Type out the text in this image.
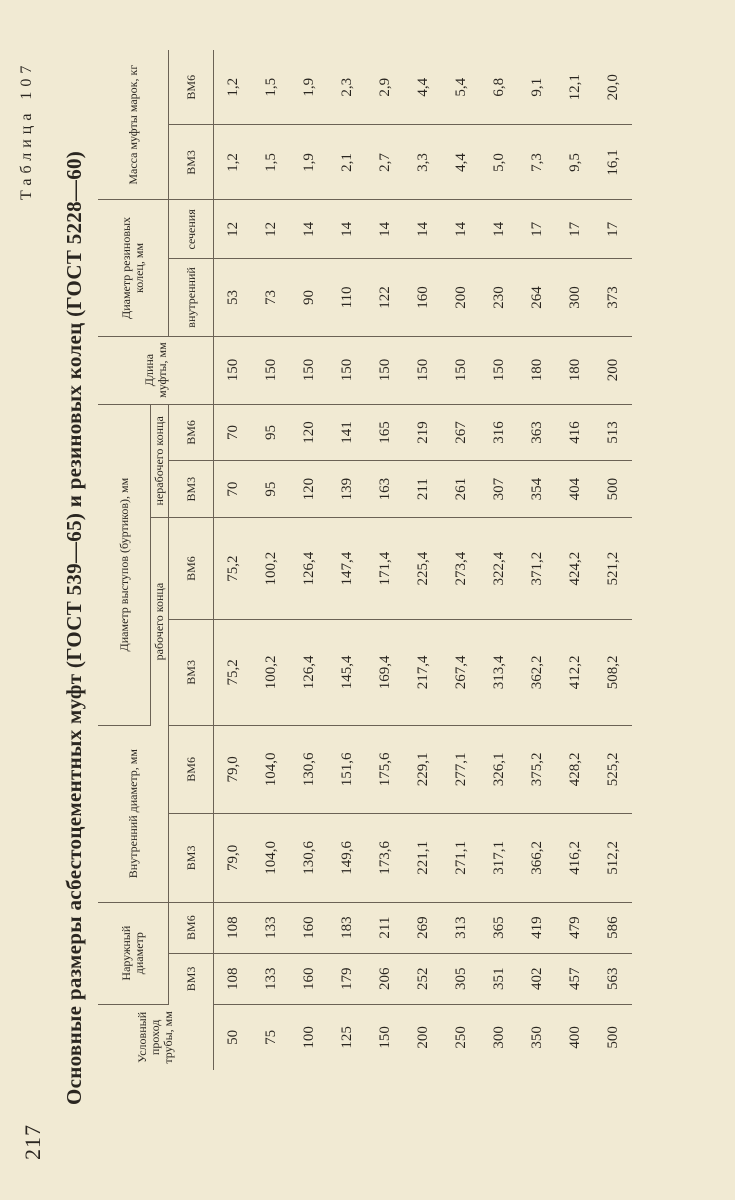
217
Основные размеры асбестоцементных муфт (ГОСТ 539—65) и резиновых колец (ГОСТ 5228—60)
Таблица 107
Условный проход трубы, мм	Наружный диаметр		Внутренний диаметр, мм		Диаметр выступов (буртиков), мм				Длина муфты, мм	Диаметр резиновых колец, мм		Масса муфты марок, кг	
					рабочего конца		нерабочего конца						
	ВМ3	ВМ6	ВМ3	ВМ6	ВМ3	ВМ6	ВМ3	ВМ6		внутренний	сечения	ВМ3	ВМ6
50	108	108	79,0	79,0	75,2	75,2	70	70	150	53	12	1,2	1,2
75	133	133	104,0	104,0	100,2	100,2	95	95	150	73	12	1,5	1,5
100	160	160	130,6	130,6	126,4	126,4	120	120	150	90	14	1,9	1,9
125	179	183	149,6	151,6	145,4	147,4	139	141	150	110	14	2,1	2,3
150	206	211	173,6	175,6	169,4	171,4	163	165	150	122	14	2,7	2,9
200	252	269	221,1	229,1	217,4	225,4	211	219	150	160	14	3,3	4,4
250	305	313	271,1	277,1	267,4	273,4	261	267	150	200	14	4,4	5,4
300	351	365	317,1	326,1	313,4	322,4	307	316	150	230	14	5,0	6,8
350	402	419	366,2	375,2	362,2	371,2	354	363	180	264	17	7,3	9,1
400	457	479	416,2	428,2	412,2	424,2	404	416	180	300	17	9,5	12,1
500	563	586	512,2	525,2	508,2	521,2	500	513	200	373	17	16,1	20,0
